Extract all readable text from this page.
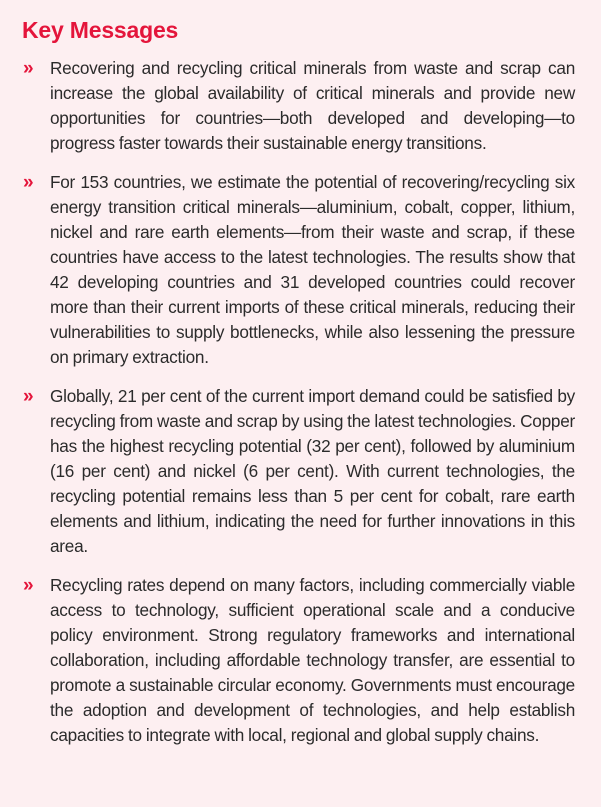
Key Messages
» Recovering and recycling critical minerals from waste and scrap can increase the global availability of critical minerals and provide new opportunities for countries—both developed and developing—to progress faster towards their sustainable energy transitions.
» For 153 countries, we estimate the potential of recovering/recycling six energy transition critical minerals—aluminium, cobalt, copper, lithium, nickel and rare earth elements—from their waste and scrap, if these countries have access to the latest technologies. The results show that 42 developing countries and 31 developed countries could recover more than their current imports of these critical minerals, reducing their vulnerabilities to supply bottlenecks, while also lessening the pressure on primary extraction.
» Globally, 21 per cent of the current import demand could be satisfied by recycling from waste and scrap by using the latest technologies. Copper has the highest recycling potential (32 per cent), followed by aluminium (16 per cent) and nickel (6 per cent). With current technologies, the recycling potential remains less than 5 per cent for cobalt, rare earth elements and lithium, indicating the need for further innovations in this area.
» Recycling rates depend on many factors, including commercially viable access to technology, sufficient operational scale and a conducive policy environment. Strong regulatory frameworks and international collaboration, including affordable technology transfer, are essential to promote a sustainable circular economy. Governments must encourage the adoption and development of technologies, and help establish capacities to integrate with local, regional and global supply chains.
